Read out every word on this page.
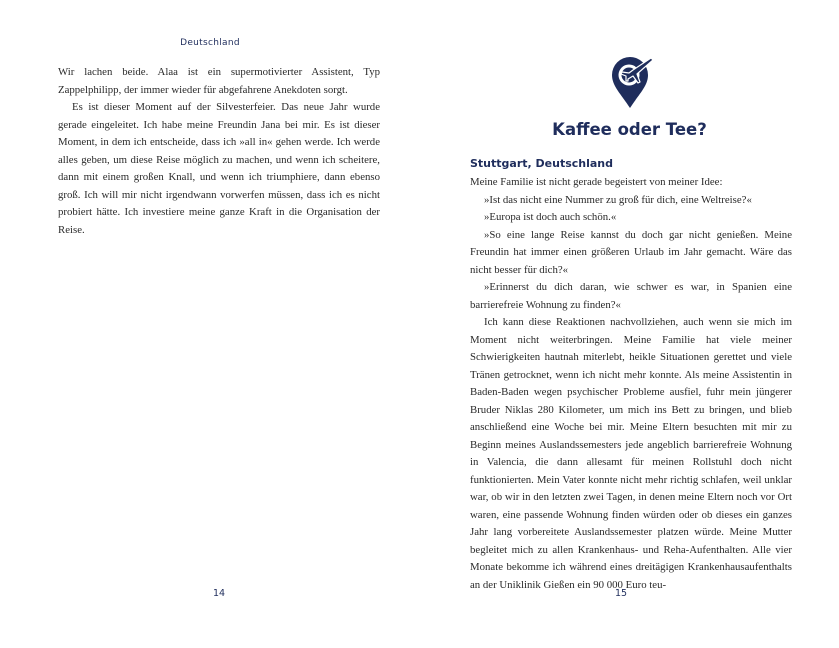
Deutschland

Wir lachen beide. Alaa ist ein supermotivierter Assistent, Typ Zappelphilipp, der immer wieder für abgefahrene Anekdoten sorgt.

Es ist dieser Moment auf der Silvesterfeier. Das neue Jahr wurde gerade eingeleitet. Ich habe meine Freundin Jana bei mir. Es ist dieser Moment, in dem ich entscheide, dass ich »all in« gehen werde. Ich werde alles geben, um diese Reise möglich zu machen, und wenn ich scheitere, dann mit einem großen Knall, und wenn ich triumphiere, dann ebenso groß. Ich will mir nicht irgendwann vorwerfen müssen, dass ich es nicht probiert hätte. Ich investiere meine ganze Kraft in die Organisation der Reise.

14
Kaffee oder Tee?
Stuttgart, Deutschland

Meine Familie ist nicht gerade begeistert von meiner Idee:

»Ist das nicht eine Nummer zu groß für dich, eine Weltreise?«

»Europa ist doch auch schön.«

»So eine lange Reise kannst du doch gar nicht genießen. Meine Freundin hat immer einen größeren Urlaub im Jahr gemacht. Wäre das nicht besser für dich?«

»Erinnerst du dich daran, wie schwer es war, in Spanien eine barrierefreie Wohnung zu finden?«

Ich kann diese Reaktionen nachvollziehen, auch wenn sie mich im Moment nicht weiterbringen. Meine Familie hat viele meiner Schwierigkeiten hautnah miterlebt, heikle Situationen gerettet und viele Tränen getrocknet, wenn ich nicht mehr konnte. Als meine Assistentin in Baden-Baden wegen psychischer Probleme ausfiel, fuhr mein jüngerer Bruder Niklas 280 Kilometer, um mich ins Bett zu bringen, und blieb anschließend eine Woche bei mir. Meine Eltern besuchten mit mir zu Beginn meines Auslandssemesters jede angeblich barrierefreie Wohnung in Valencia, die dann allesamt für meinen Rollstuhl doch nicht funktionierten. Mein Vater konnte nicht mehr richtig schlafen, weil unklar war, ob wir in den letzten zwei Tagen, in denen meine Eltern noch vor Ort waren, eine passende Wohnung finden würden oder ob dieses ein ganzes Jahr lang vorbereitete Auslandssemester platzen würde. Meine Mutter begleitet mich zu allen Krankenhaus- und Reha-Aufenthalten. Alle vier Monate bekomme ich während eines dreitägigen Krankenhausaufenthalts an der Uniklinik Gießen ein 90 000 Euro teu-

15
